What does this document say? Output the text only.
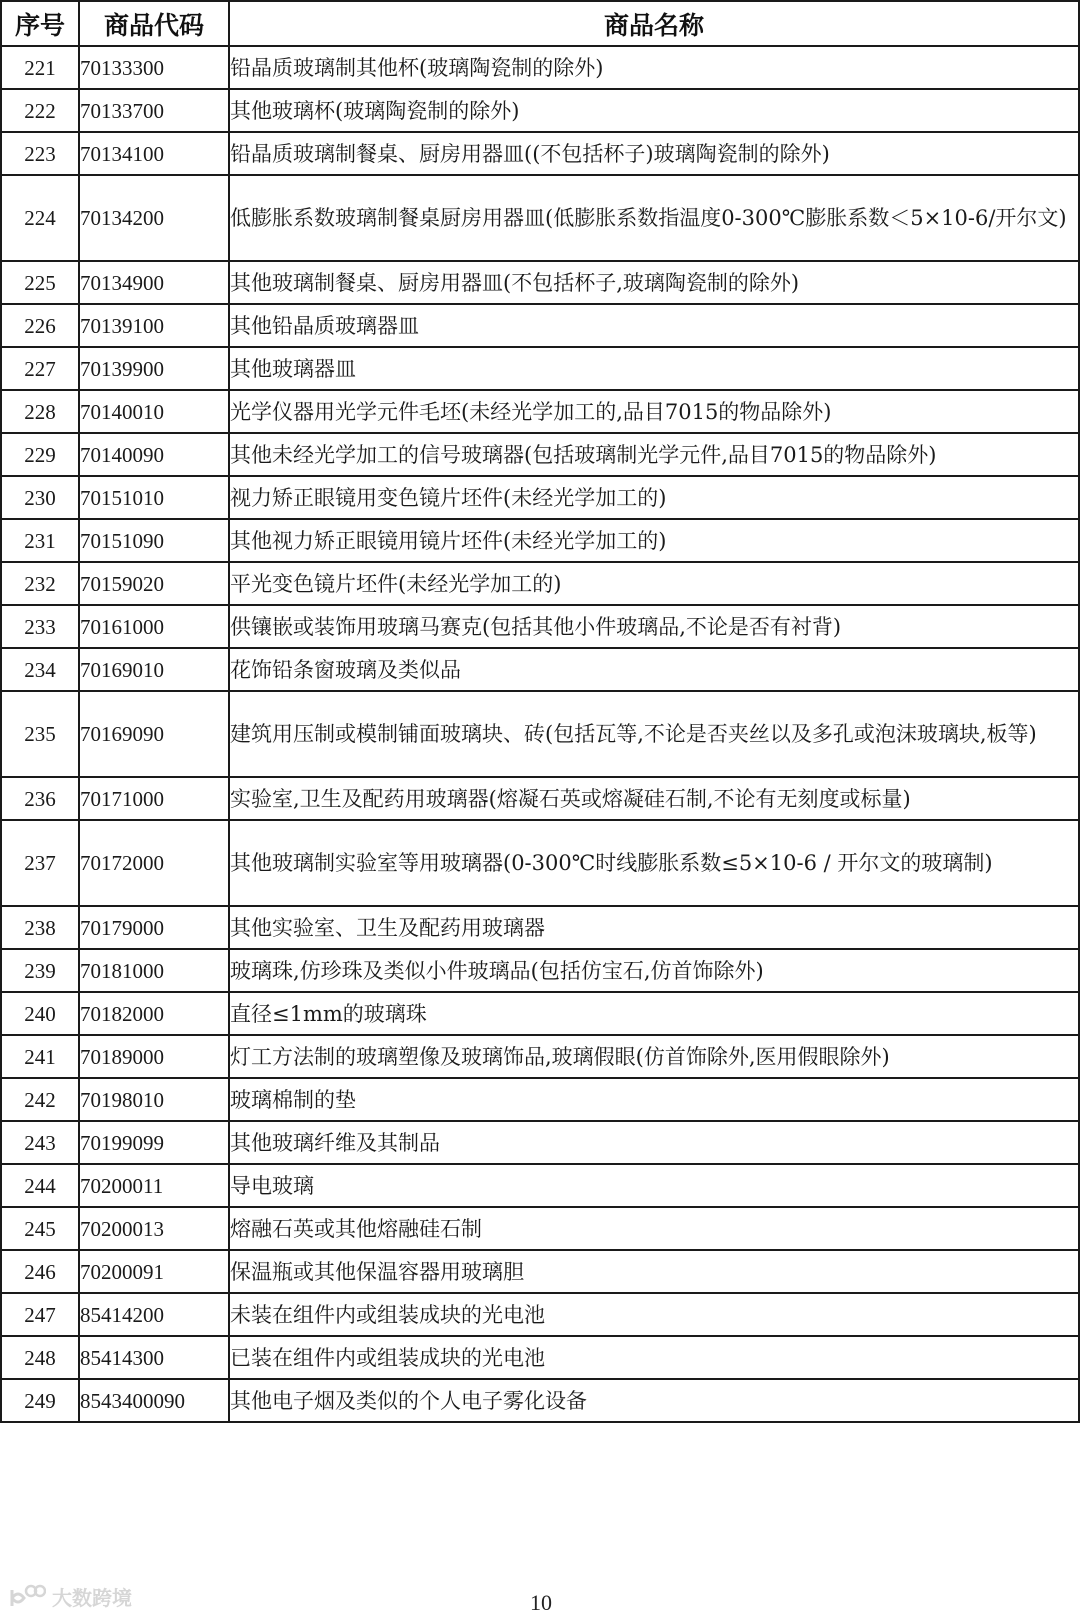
序号	商品代码	商品名称
221	70133300	铅晶质玻璃制其他杯(玻璃陶瓷制的除外)
222	70133700	其他玻璃杯(玻璃陶瓷制的除外)
223	70134100	铅晶质玻璃制餐桌、厨房用器皿((不包括杯子)玻璃陶瓷制的除外)
224	70134200	低膨胀系数玻璃制餐桌厨房用器皿(低膨胀系数指温度0-300℃膨胀系数＜5×10-6/开尔文)
225	70134900	其他玻璃制餐桌、厨房用器皿(不包括杯子,玻璃陶瓷制的除外)
226	70139100	其他铅晶质玻璃器皿
227	70139900	其他玻璃器皿
228	70140010	光学仪器用光学元件毛坯(未经光学加工的,品目7015的物品除外)
229	70140090	其他未经光学加工的信号玻璃器(包括玻璃制光学元件,品目7015的物品除外)
230	70151010	视力矫正眼镜用变色镜片坯件(未经光学加工的)
231	70151090	其他视力矫正眼镜用镜片坯件(未经光学加工的)
232	70159020	平光变色镜片坯件(未经光学加工的)
233	70161000	供镶嵌或装饰用玻璃马赛克(包括其他小件玻璃品,不论是否有衬背)
234	70169010	花饰铅条窗玻璃及类似品
235	70169090	建筑用压制或模制铺面玻璃块、砖(包括瓦等,不论是否夹丝以及多孔或泡沫玻璃块,板等)
236	70171000	实验室,卫生及配药用玻璃器(熔凝石英或熔凝硅石制,不论有无刻度或标量)
237	70172000	其他玻璃制实验室等用玻璃器(0-300℃时线膨胀系数≤5×10-6 / 开尔文的玻璃制)
238	70179000	其他实验室、卫生及配药用玻璃器
239	70181000	玻璃珠,仿珍珠及类似小件玻璃品(包括仿宝石,仿首饰除外)
240	70182000	直径≤1mm的玻璃珠
241	70189000	灯工方法制的玻璃塑像及玻璃饰品,玻璃假眼(仿首饰除外,医用假眼除外)
242	70198010	玻璃棉制的垫
243	70199099	其他玻璃纤维及其制品
244	70200011	导电玻璃
245	70200013	熔融石英或其他熔融硅石制
246	70200091	保温瓶或其他保温容器用玻璃胆
247	85414200	未装在组件内或组装成块的光电池
248	85414300	已装在组件内或组装成块的光电池
249	8543400090	其他电子烟及类似的个人电子雾化设备
大数跨境	10
